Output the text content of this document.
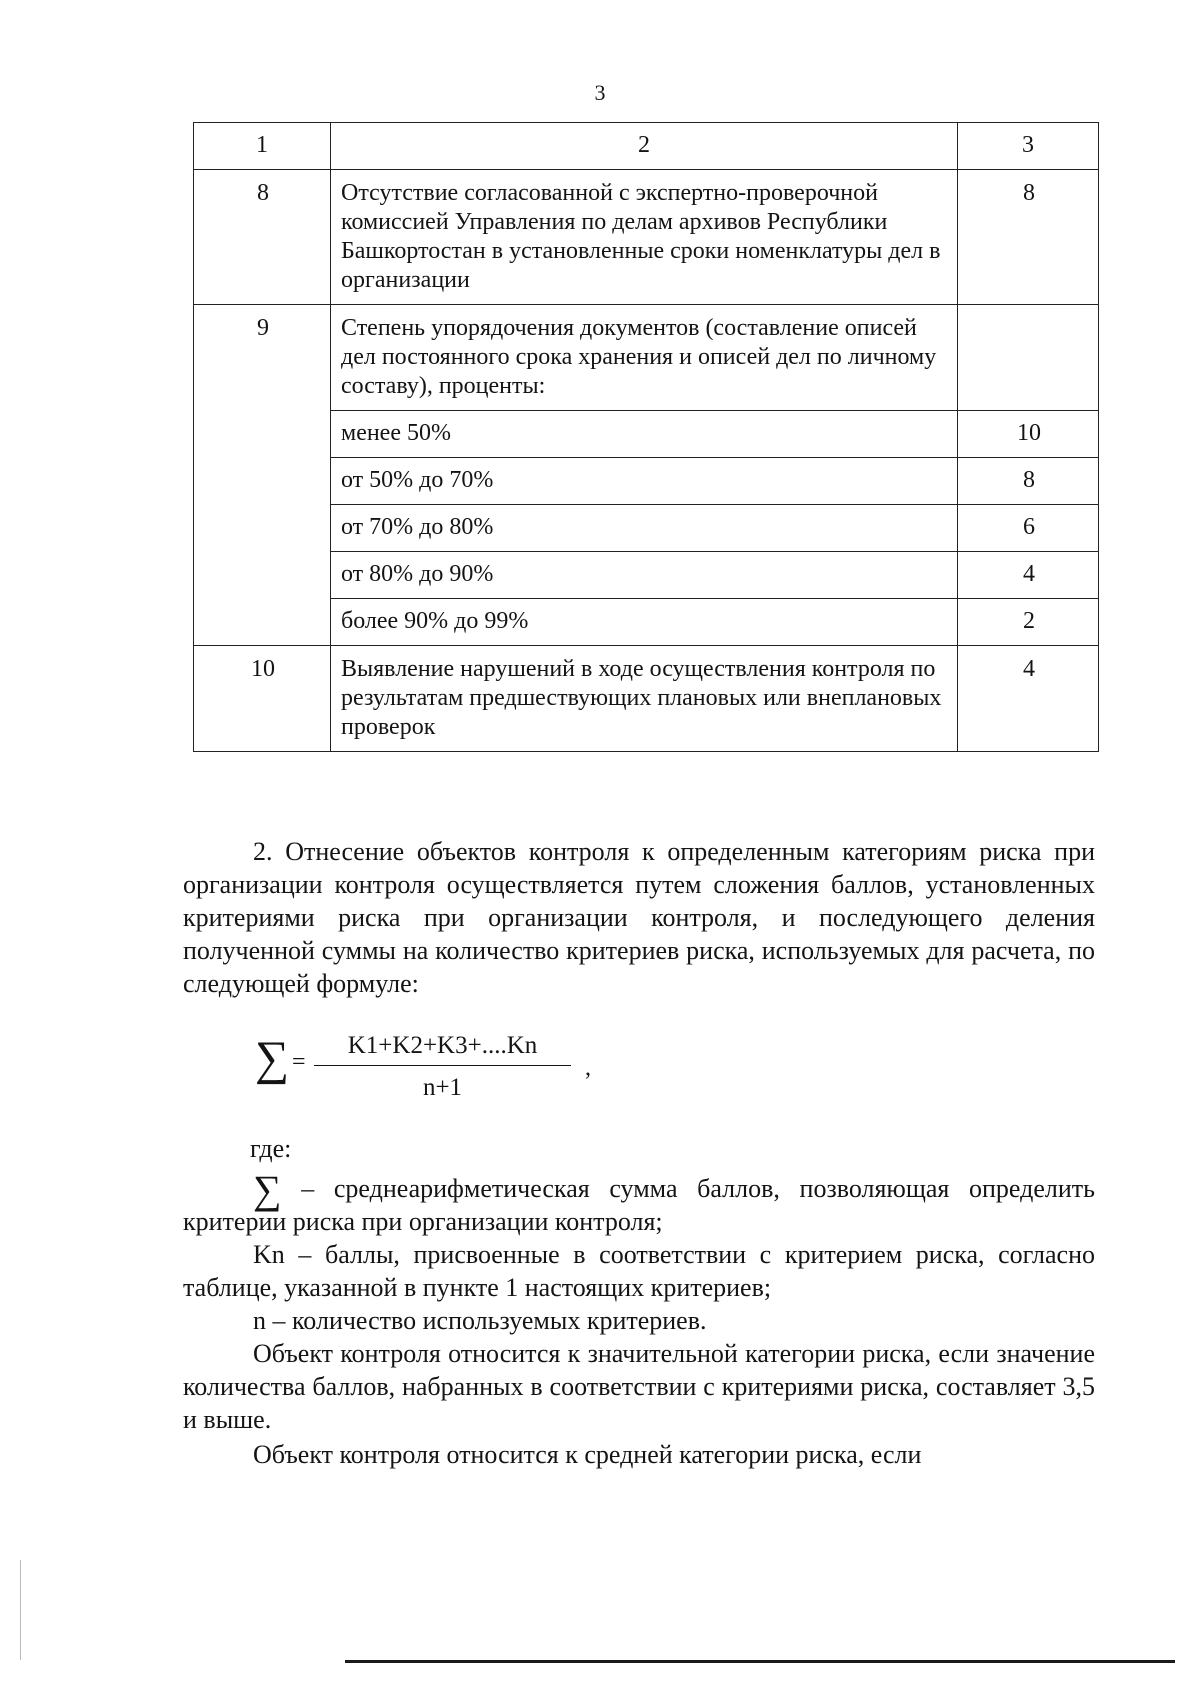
3
1	2	3
8	Отсутствие согласованной с экспертно-проверочной комиссией Управления по делам архивов Республики Башкортостан в установленные сроки номенклатуры дел в организации	8
9	Степень упорядочения документов (составление описей дел постоянного срока хранения и описей дел по личному составу), проценты:	
	менее 50%	10
	от 50% до 70%	8
	от 70% до 80%	6
	от 80% до 90%	4
	более 90% до 99%	2
10	Выявление нарушений в ходе осуществления контроля по результатам предшествующих плановых или внеплановых проверок	4

2. Отнесение объектов контроля к определенным категориям риска при организации контроля осуществляется путем сложения баллов, установленных критериями риска при организации контроля, и последующего деления полученной суммы на количество критериев риска, используемых для расчета, по следующей формуле:

∑ =
K1+K2+K3+....Kn
n+1
,
где:

∑ – среднеарифметическая сумма баллов, позволяющая определить критерии риска при организации контроля;

Kn – баллы, присвоенные в соответствии с критерием риска, согласно таблице, указанной в пункте 1 настоящих критериев;

n – количество используемых критериев.

Объект контроля относится к значительной категории риска, если значение количества баллов, набранных в соответствии с критериями риска, составляет 3,5 и выше.

Объект контроля относится к средней категории риска, если
